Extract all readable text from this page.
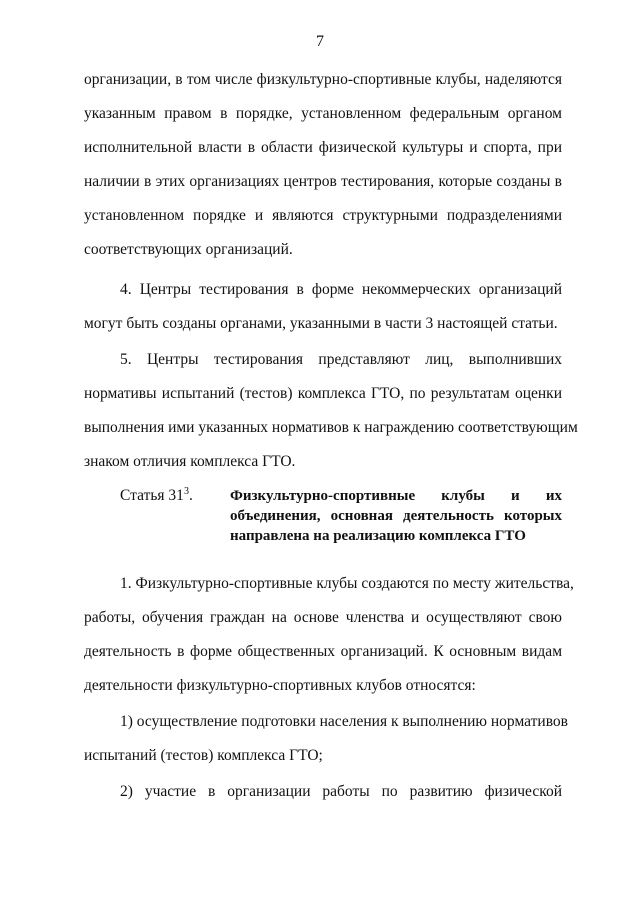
7
организации, в том числе физкультурно-спортивные клубы, наделяются
указанным правом в порядке, установленном федеральным органом
исполнительной власти в области физической культуры и спорта, при
наличии в этих организациях центров тестирования, которые созданы в
установленном порядке и являются структурными подразделениями
соответствующих организаций.
4. Центры тестирования в форме некоммерческих организаций
могут быть созданы органами, указанными в части 3 настоящей статьи.
5. Центры тестирования представляют лиц, выполнивших
нормативы испытаний (тестов) комплекса ГТО, по результатам оценки
выполнения ими указанных нормативов к награждению соответствующим
знаком отличия комплекса ГТО.
Статья $31^3$. Физкультурно-спортивные клубы и их
объединения, основная деятельность которых
направлена на реализацию комплекса ГТО
1. Физкультурно-спортивные клубы создаются по месту жительства,
работы, обучения граждан на основе членства и осуществляют свою
деятельность в форме общественных организаций. К основным видам
деятельности физкультурно-спортивных клубов относятся:
1) осуществление подготовки населения к выполнению нормативов
испытаний (тестов) комплекса ГТО;
2) участие в организации работы по развитию физической
